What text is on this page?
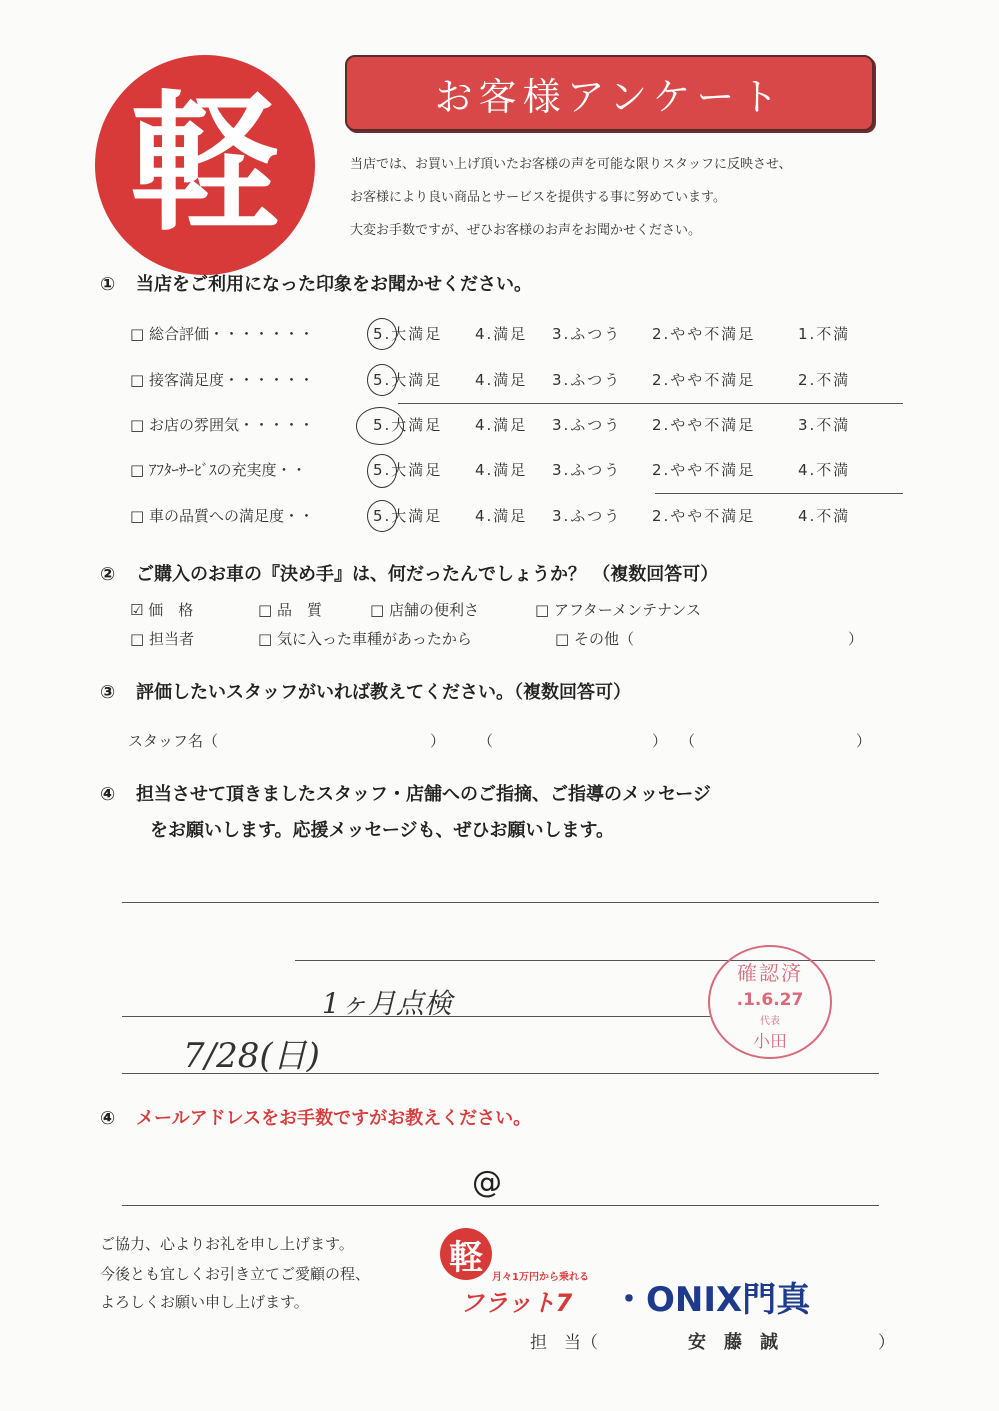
軽	お客様アンケート
当店では、お買い上げ頂いたお客様の声を可能な限りスタッフに反映させ、
お客様により良い商品とサービスを提供する事に努めています。
大変お手数ですが、ぜひお客様のお声をお聞かせください。
① 当店をご利用になった印象をお聞かせください。
□ 総合評価・・・・・・・	5.大満足 4.満足 3.ふつう 2.やや不満足	1.不満
□ 接客満足度・・・・・・	5.大満足 4.満足 3.ふつう 2.やや不満足	2.不満
□ お店の雰囲気・・・・・	5.大満足 4.満足 3.ふつう 2.やや不満足	3.不満
□ ｱﾌﾀｰｻｰﾋﾞｽの充実度・・	5.大満足 4.満足 3.ふつう 2.やや不満足	4.不満
□ 車の品質への満足度・・	5.大満足 4.満足 3.ふつう 2.やや不満足	4.不満
② ご購入のお車の『決め手』は、何だったんでしょうか？ （複数回答可）
☑ 価　格	□ 品　質	□ 店舗の便利さ	□ アフターメンテナンス
□ 担当者	□ 気に入った車種があったから	□ その他（	）
③ 評価したいスタッフがいれば教えてください。（複数回答可）
スタッフ名（	） （	） （	）
④ 担当させて頂きましたスタッフ・店舗へのご指摘、ご指導のメッセージ
をお願いします。応援メッセージも、ぜひお願いします。
1ヶ月点検
7/28(日)
確認済
.1.6.27
代表
小田
④ メールアドレスをお手数ですがお教えください。
@
ご協力、心よりお礼を申し上げます。
今後とも宜しくお引き立てご愛顧の程、
よろしくお願い申し上げます。
軽 月々1万円から乗れる
フラット7 ・ONIX門真
担　当（	安　藤　誠	）
